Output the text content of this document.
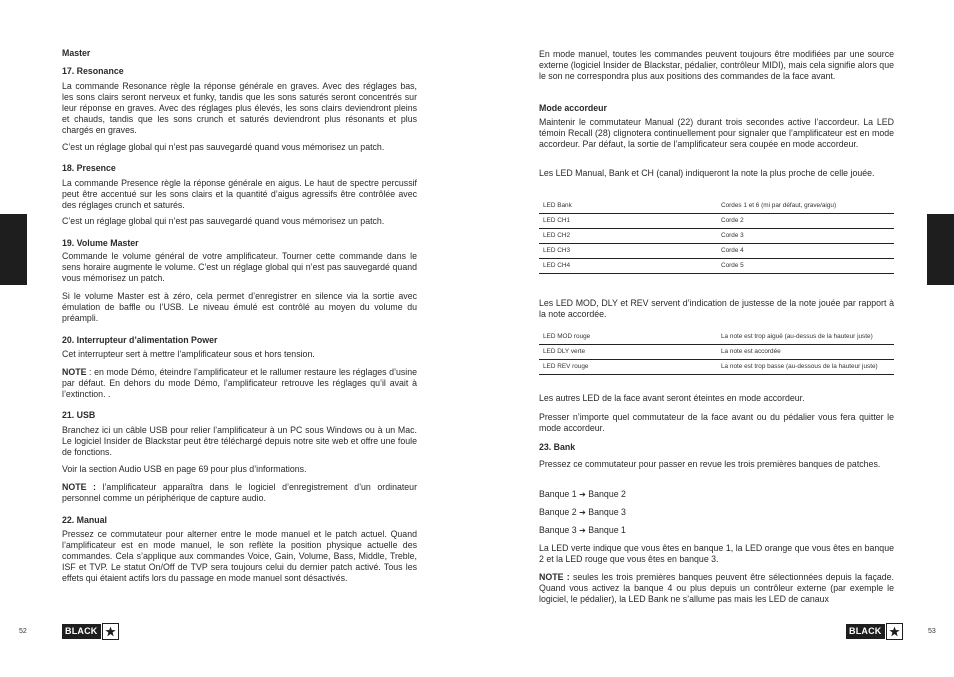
Français	Français
Master
17. Resonance

La commande Resonance règle la réponse générale en graves. Avec des réglages bas, les sons clairs seront nerveux et funky, tandis que les sons saturés seront concentrés sur leur réponse en graves. Avec des réglages plus élevés, les sons clairs deviendront pleins et chauds, tandis que les sons crunch et saturés deviendront plus résonants et plus chargés en graves.

C’est un réglage global qui n’est pas sauvegardé quand vous mémorisez un patch.

18. Presence

La commande Presence règle la réponse générale en aigus. Le haut de spectre percussif peut être accentué sur les sons clairs et la quantité d’aigus agressifs être contrôlée avec des réglages crunch et saturés.

C’est un réglage global qui n’est pas sauvegardé quand vous mémorisez un patch.

19. Volume Master

Commande le volume général de votre amplificateur. Tourner cette commande dans le sens horaire augmente le volume. C’est un réglage global qui n’est pas sauvegardé quand vous mémorisez un patch.

Si le volume Master est à zéro, cela permet d’enregistrer en silence via la sortie avec émulation de baffle ou l’USB. Le niveau émulé est contrôlé au moyen du volume du préampli.

20. Interrupteur d’alimentation Power

Cet interrupteur sert à mettre l’amplificateur sous et hors tension.

NOTE : en mode Démo, éteindre l’amplificateur et le rallumer restaure les réglages d’usine par défaut. En dehors du mode Démo, l’amplificateur retrouve les réglages qu’il avait à l’extinction. .

21. USB

Branchez ici un câble USB pour relier l’amplificateur à un PC sous Windows ou à un Mac. Le logiciel Insider de Blackstar peut être téléchargé depuis notre site web et offre une foule de fonctions.

Voir la section Audio USB en page 69 pour plus d’informations.

NOTE : l’amplificateur apparaîtra dans le logiciel d’enregistrement d’un ordinateur personnel comme un périphérique de capture audio.

22. Manual

Pressez ce commutateur pour alterner entre le mode manuel et le patch actuel. Quand l’amplificateur est en mode manuel, le son reflète la position physique actuelle des commandes. Cela s’applique aux commandes Voice, Gain, Volume, Bass, Middle, Treble, ISF et TVP. Le statut On/Off de TVP sera toujours celui du dernier patch activé. Tous les effets qui étaient actifs lors du passage en mode manuel sont désactivés.

52	BLACK

En mode manuel, toutes les commandes peuvent toujours être modifiées par une source externe (logiciel Insider de Blackstar, pédalier, contrôleur MIDI), mais cela signifie alors que le son ne correspondra plus aux positions des commandes de la face avant.

Mode accordeur

Maintenir le commutateur Manual (22) durant trois secondes active l’accordeur. La LED témoin Recall (28) clignotera continuellement pour signaler que l’amplificateur est en mode accordeur. Par défaut, la sortie de l’amplificateur sera coupée en mode accordeur.

Les LED Manual, Bank et CH (canal) indiqueront la note la plus proche de celle jouée.

LED Bank	Cordes 1 et 6 (mi par défaut, grave/aigu)
LED CH1	Corde 2
LED CH2	Corde 3
LED CH3	Corde 4
LED CH4	Corde 5

Les LED MOD, DLY et REV servent d’indication de justesse de la note jouée par rapport à la note accordée.

LED MOD rouge	La note est trop aiguë (au-dessus de la hauteur juste)
LED DLY verte	La note est accordée
LED REV rouge	La note est trop basse (au-dessous de la hauteur juste)

Les autres LED de la face avant seront éteintes en mode accordeur.

Presser n’importe quel commutateur de la face avant ou du pédalier vous fera quitter le mode accordeur.

23. Bank

Pressez ce commutateur pour passer en revue les trois premières banques de patches.

Banque 1 ➔ Banque 2
Banque 2 ➔ Banque 3
Banque 3 ➔ Banque 1

La LED verte indique que vous êtes en banque 1, la LED orange que vous êtes en banque 2 et la LED rouge que vous êtes en banque 3.

NOTE : seules les trois premières banques peuvent être sélectionnées depuis la façade. Quand vous activez la banque 4 ou plus depuis un contrôleur externe (par exemple le logiciel, le pédalier), la LED Bank ne s’allume pas mais les LED de canaux

53
BLACK
